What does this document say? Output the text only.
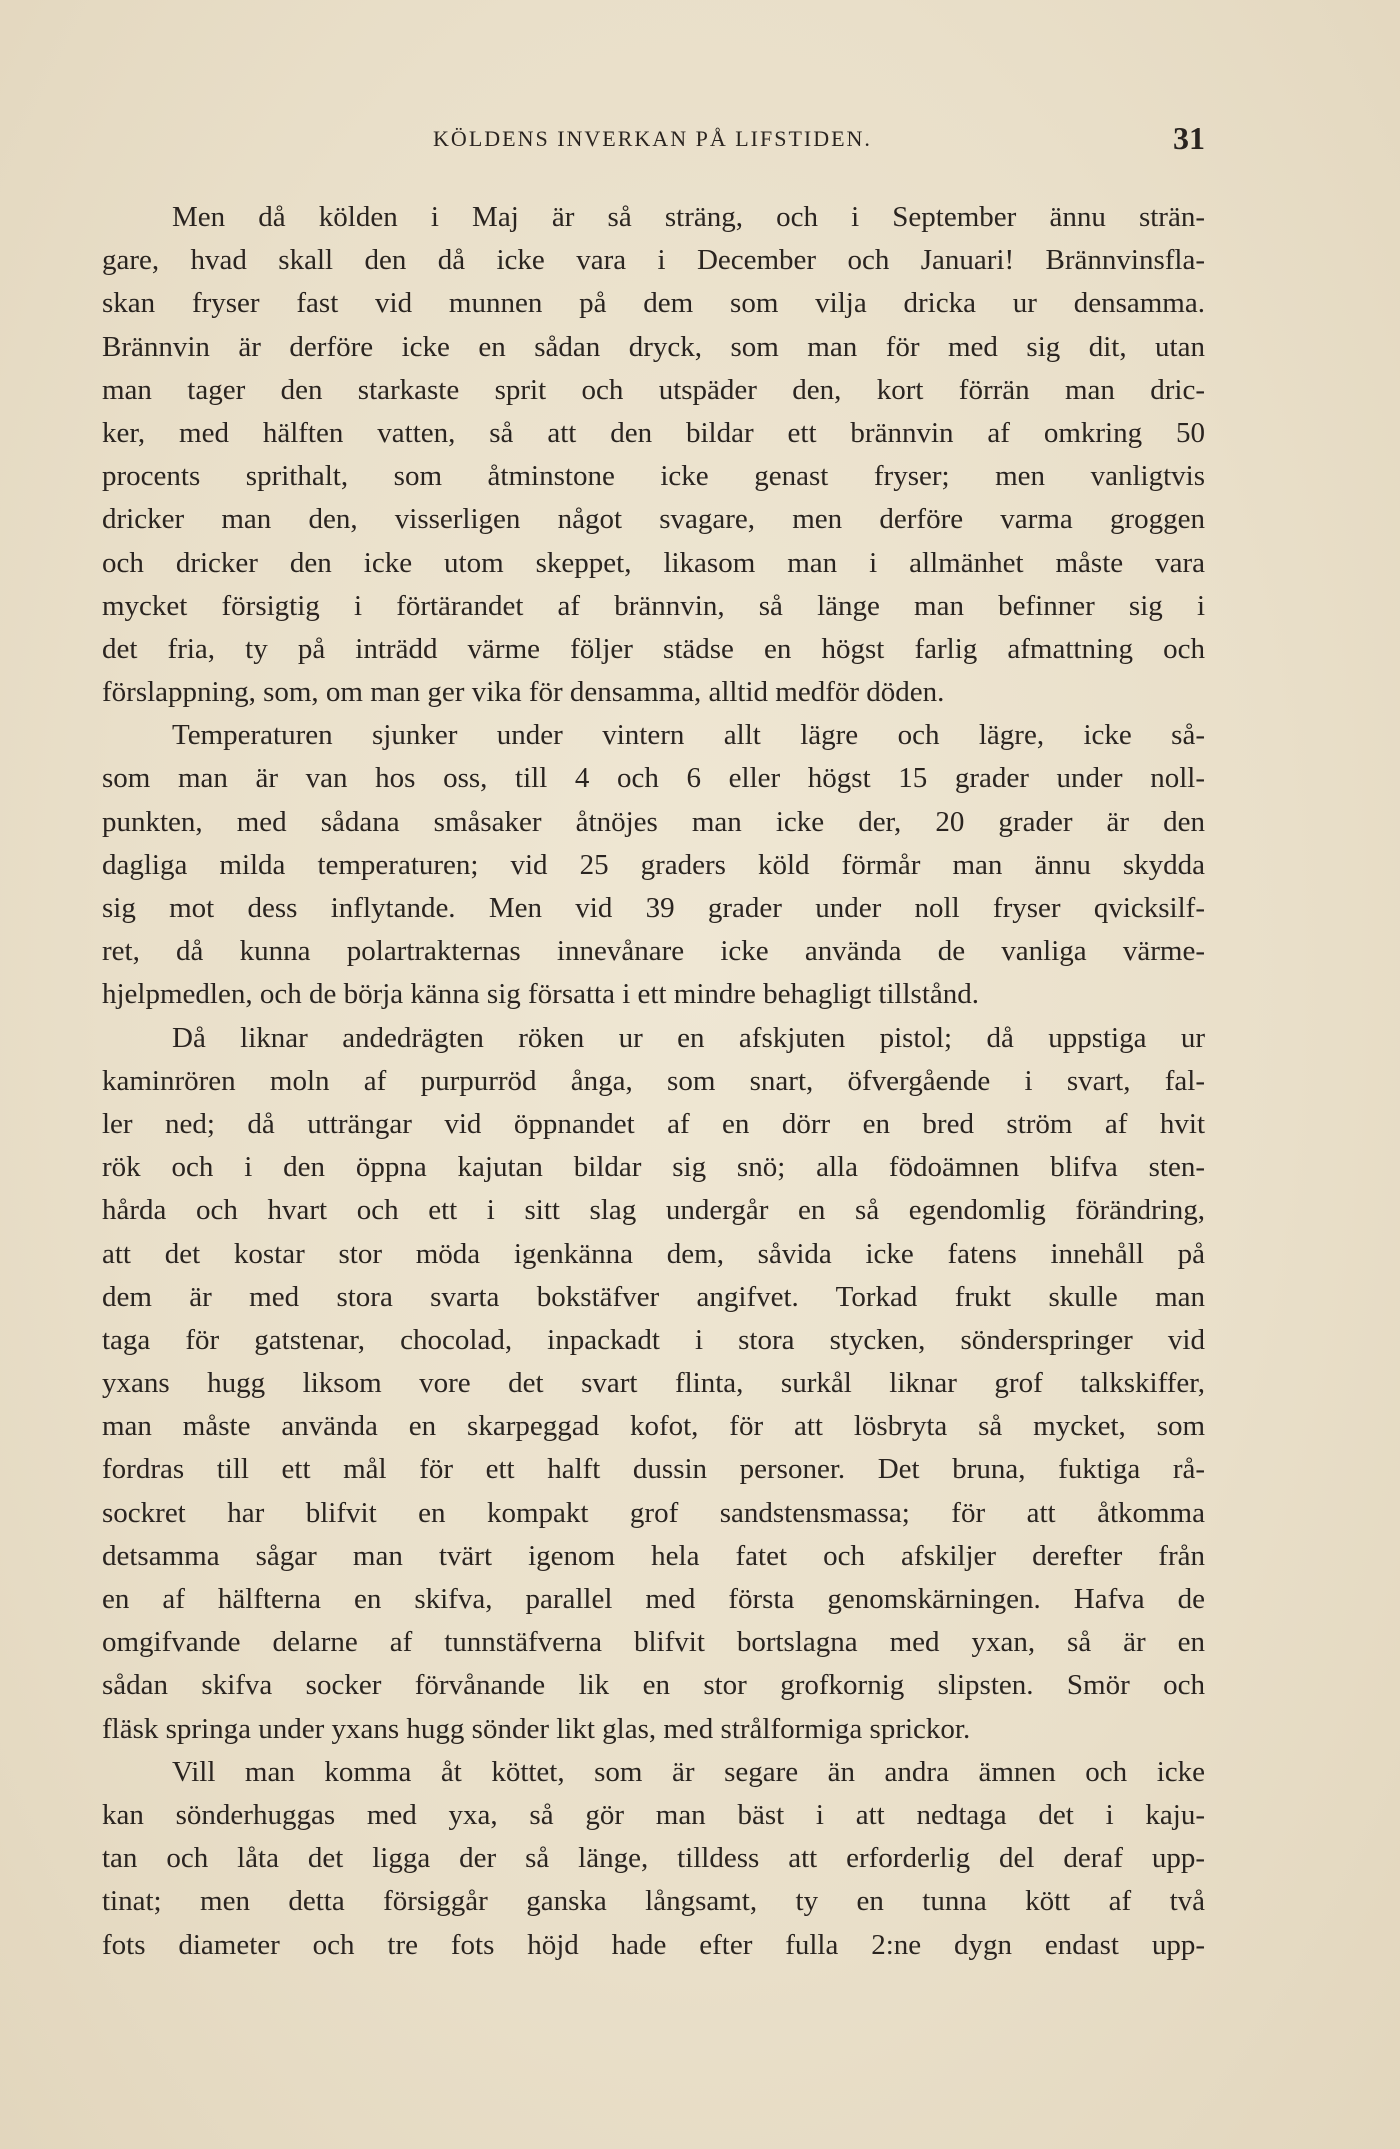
KÖLDENS INVERKAN PÅ LIFSTIDEN.	31
Men då kölden i Maj är så sträng, och i September ännu strän-
gare, hvad skall den då icke vara i December och Januari! Brännvinsfla-
skan fryser fast vid munnen på dem som vilja dricka ur densamma.
Brännvin är derföre icke en sådan dryck, som man för med sig dit, utan
man tager den starkaste sprit och utspäder den, kort förrän man dric-
ker, med hälften vatten, så att den bildar ett brännvin af omkring 50
procents sprithalt, som åtminstone icke genast fryser; men vanligtvis
dricker man den, visserligen något svagare, men derföre varma groggen
och dricker den icke utom skeppet, likasom man i allmänhet måste vara
mycket försigtig i förtärandet af brännvin, så länge man befinner sig i
det fria, ty på inträdd värme följer städse en högst farlig afmattning och
förslappning, som, om man ger vika för densamma, alltid medför döden.
Temperaturen sjunker under vintern allt lägre och lägre, icke så-
som man är van hos oss, till 4 och 6 eller högst 15 grader under noll-
punkten, med sådana småsaker åtnöjes man icke der, 20 grader är den
dagliga milda temperaturen; vid 25 graders köld förmår man ännu skydda
sig mot dess inflytande. Men vid 39 grader under noll fryser qvicksilf-
ret, då kunna polartrakternas innevånare icke använda de vanliga värme-
hjelpmedlen, och de börja känna sig försatta i ett mindre behagligt tillstånd.
Då liknar andedrägten röken ur en afskjuten pistol; då uppstiga ur
kaminrören moln af purpurröd ånga, som snart, öfvergående i svart, fal-
ler ned; då utträngar vid öppnandet af en dörr en bred ström af hvit
rök och i den öppna kajutan bildar sig snö; alla födoämnen blifva sten-
hårda och hvart och ett i sitt slag undergår en så egendomlig förändring,
att det kostar stor möda igenkänna dem, såvida icke fatens innehåll på
dem är med stora svarta bokstäfver angifvet. Torkad frukt skulle man
taga för gatstenar, chocolad, inpackadt i stora stycken, sönderspringer vid
yxans hugg liksom vore det svart flinta, surkål liknar grof talkskiffer,
man måste använda en skarpeggad kofot, för att lösbryta så mycket, som
fordras till ett mål för ett halft dussin personer. Det bruna, fuktiga rå-
sockret har blifvit en kompakt grof sandstensmassa; för att åtkomma
detsamma sågar man tvärt igenom hela fatet och afskiljer derefter från
en af hälfterna en skifva, parallel med första genomskärningen. Hafva de
omgifvande delarne af tunnstäfverna blifvit bortslagna med yxan, så är en
sådan skifva socker förvånande lik en stor grofkornig slipsten. Smör och
fläsk springa under yxans hugg sönder likt glas, med strålformiga sprickor.
Vill man komma åt köttet, som är segare än andra ämnen och icke
kan sönderhuggas med yxa, så gör man bäst i att nedtaga det i kaju-
tan och låta det ligga der så länge, tilldess att erforderlig del deraf upp-
tinat; men detta försiggår ganska långsamt, ty en tunna kött af två
fots diameter och tre fots höjd hade efter fulla 2:ne dygn endast upp-
